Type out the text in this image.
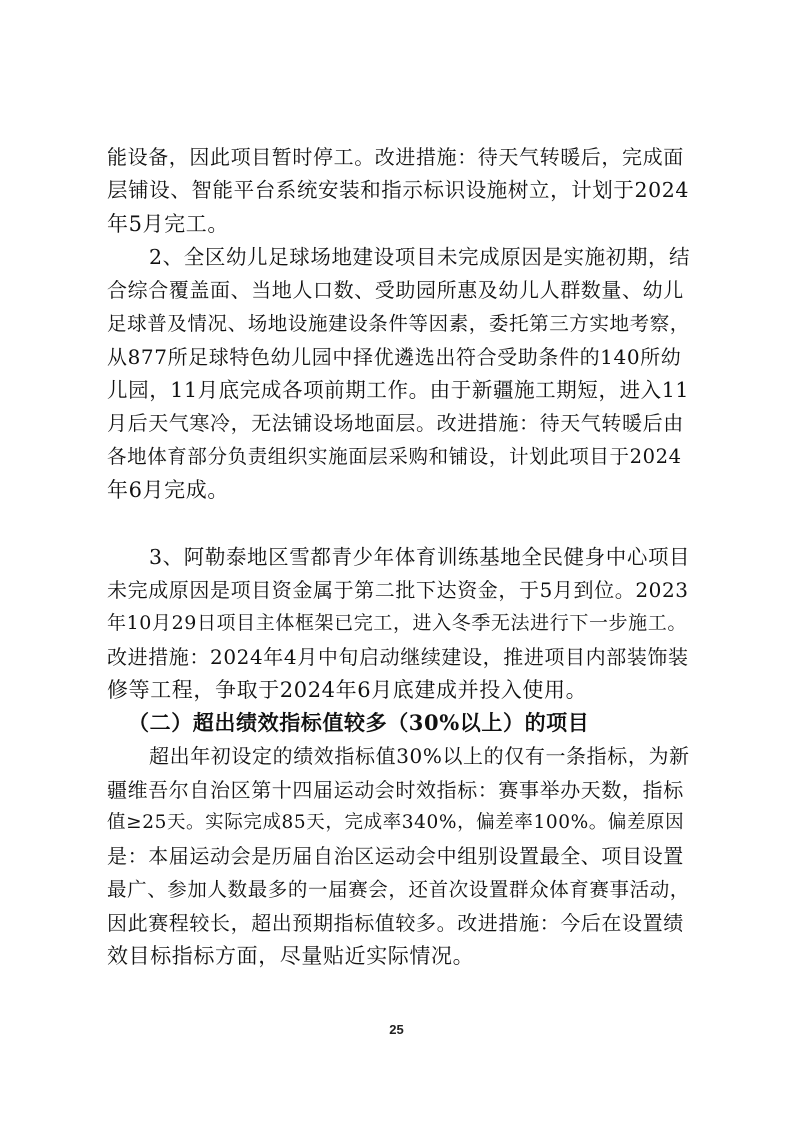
能设备，因此项目暂时停工。改进措施：待天气转暖后，完成面
层铺设、智能平台系统安装和指示标识设施树立，计划于2024
年5月完工。
2、全区幼儿足球场地建设项目未完成原因是实施初期，结
合综合覆盖面、当地人口数、受助园所惠及幼儿人群数量、幼儿
足球普及情况、场地设施建设条件等因素，委托第三方实地考察，
从877所足球特色幼儿园中择优遴选出符合受助条件的140所幼
儿园，11月底完成各项前期工作。由于新疆施工期短，进入11
月后天气寒冷，无法铺设场地面层。改进措施：待天气转暖后由
各地体育部分负责组织实施面层采购和铺设，计划此项目于2024
年6月完成。
3、阿勒泰地区雪都青少年体育训练基地全民健身中心项目
未完成原因是项目资金属于第二批下达资金，于5月到位。2023
年10月29日项目主体框架已完工，进入冬季无法进行下一步施工。
改进措施：2024年4月中旬启动继续建设，推进项目内部装饰装
修等工程，争取于2024年6月底建成并投入使用。
（二）超出绩效指标值较多（30%以上）的项目
超出年初设定的绩效指标值30%以上的仅有一条指标，为新
疆维吾尔自治区第十四届运动会时效指标：赛事举办天数，指标
值≥25天。实际完成85天，完成率340%，偏差率100%。偏差原因
是：本届运动会是历届自治区运动会中组别设置最全、项目设置
最广、参加人数最多的一届赛会，还首次设置群众体育赛事活动，
因此赛程较长，超出预期指标值较多。改进措施：今后在设置绩
效目标指标方面，尽量贴近实际情况。
25
